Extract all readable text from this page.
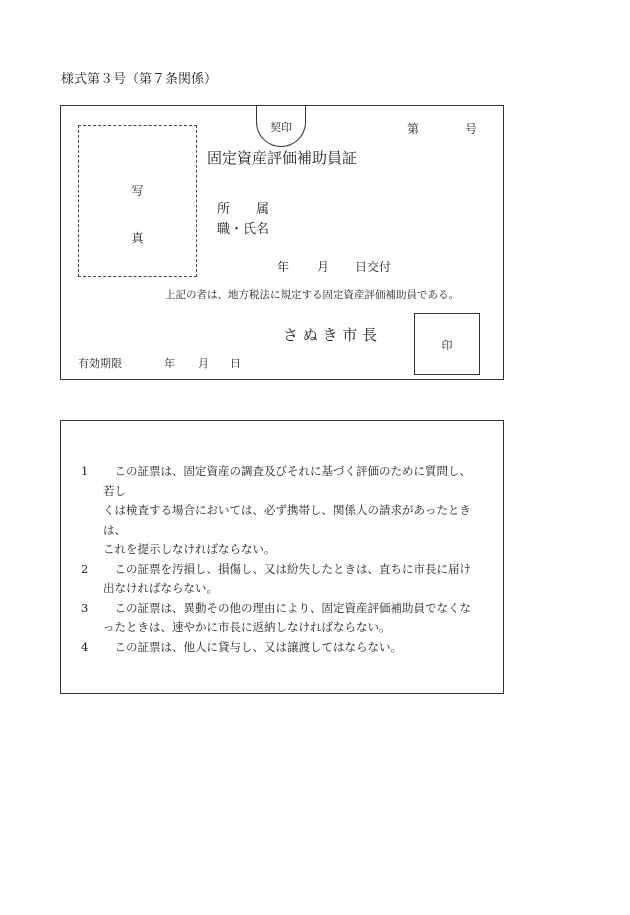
様式第３号（第７条関係）
写
真
契印	第	号
固定資産評価補助員証
所　　属
職・氏名
年 月 日交付
上記の者は、地方税法に規定する固定資産評価補助員である。
さ ぬ き 市 長
印
有効期限	年 月 日
1 　この証票は、固定資産の調査及びそれに基づく評価のために質問し、若し
くは検査する場合においては、必ず携帯し、関係人の請求があったときは、
これを提示しなければならない。
2 　この証票を汚損し、損傷し、又は紛失したときは、直ちに市長に届け
出なければならない。
3 　この証票は、異動その他の理由により、固定資産評価補助員でなくな
ったときは、速やかに市長に返納しなければならない。
4 　この証票は、他人に貸与し、又は譲渡してはならない。
